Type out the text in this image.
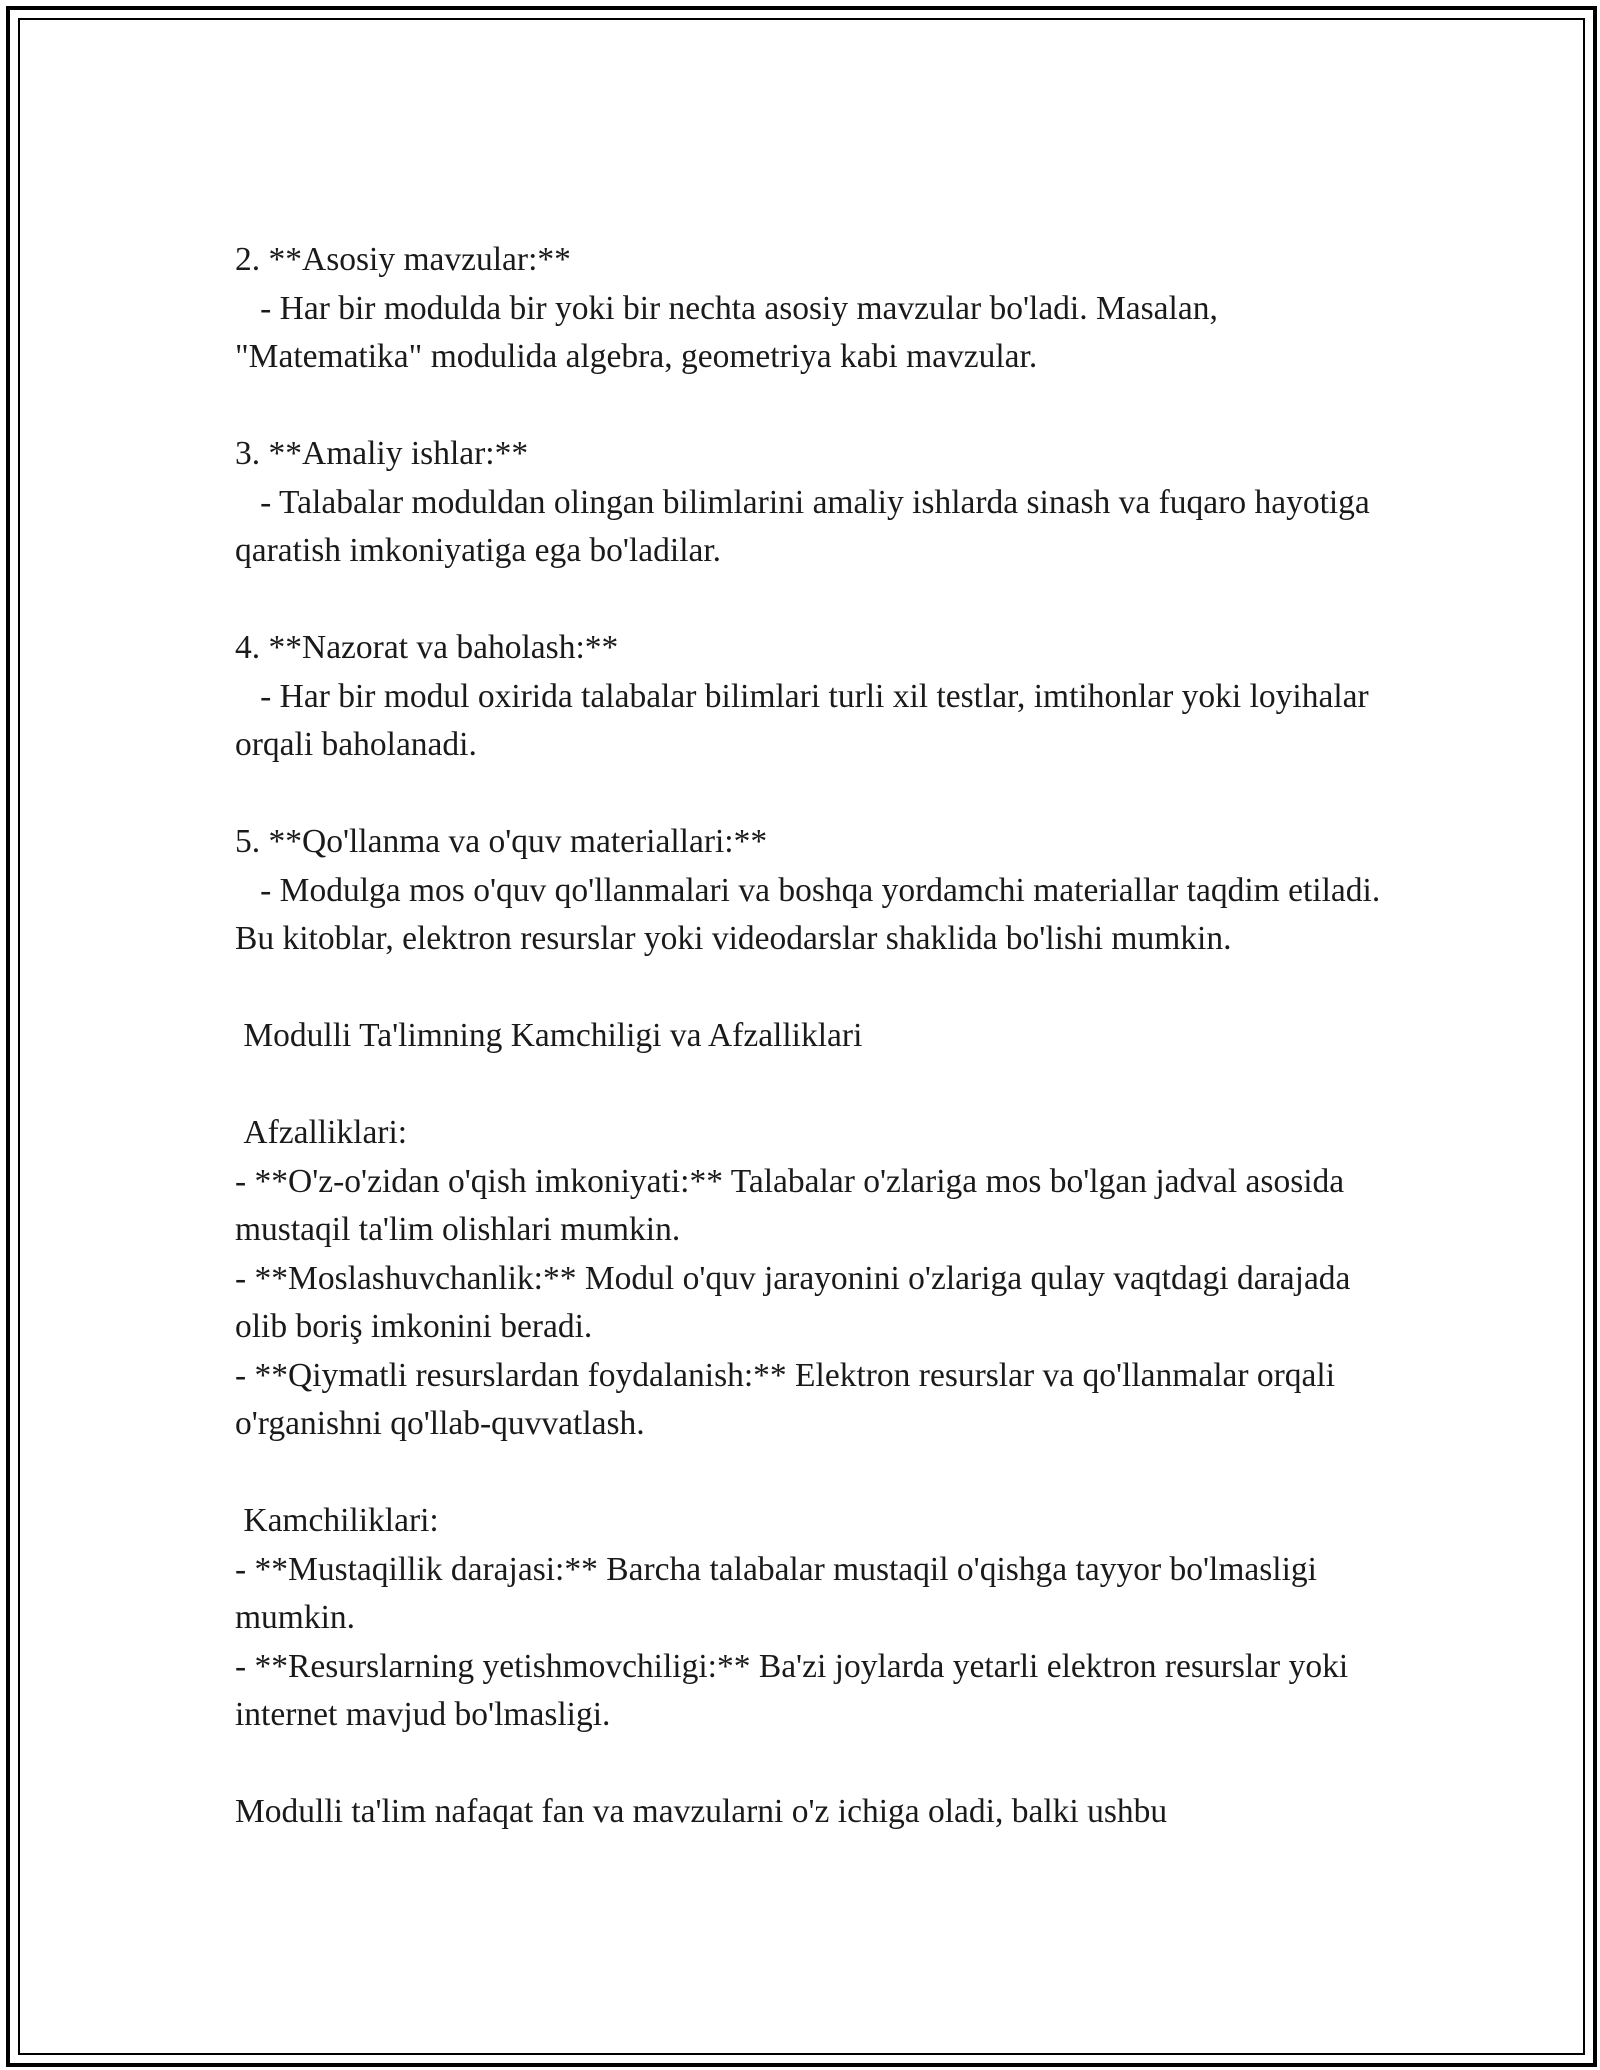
2. **Asosiy mavzular:**

- Har bir modulda bir yoki bir nechta asosiy mavzular bo'ladi. Masalan, "Matematika" modulida algebra, geometriya kabi mavzular.

3. **Amaliy ishlar:**

- Talabalar moduldan olingan bilimlarini amaliy ishlarda sinash va fuqaro hayotiga qaratish imkoniyatiga ega bo'ladilar.

4. **Nazorat va baholash:**

- Har bir modul oxirida talabalar bilimlari turli xil testlar, imtihonlar yoki loyihalar orqali baholanadi.

5. **Qo'llanma va o'quv materiallari:**

- Modulga mos o'quv qo'llanmalari va boshqa yordamchi materiallar taqdim etiladi. Bu kitoblar, elektron resurslar yoki videodarslar shaklida bo'lishi mumkin.

Modulli Ta'limning Kamchiligi va Afzalliklari

Afzalliklari:

- **O'z-o'zidan o'qish imkoniyati:** Talabalar o'zlariga mos bo'lgan jadval asosida mustaqil ta'lim olishlari mumkin.

- **Moslashuvchanlik:** Modul o'quv jarayonini o'zlariga qulay vaqtdagi darajada olib boriş imkonini beradi.

- **Qiymatli resurslardan foydalanish:** Elektron resurslar va qo'llanmalar orqali o'rganishni qo'llab-quvvatlash.

Kamchiliklari:

- **Mustaqillik darajasi:** Barcha talabalar mustaqil o'qishga tayyor bo'lmasligi mumkin.

- **Resurslarning yetishmovchiligi:** Ba'zi joylarda yetarli elektron resurslar yoki internet mavjud bo'lmasligi.

Modulli ta'lim nafaqat fan va mavzularni o'z ichiga oladi, balki ushbu
